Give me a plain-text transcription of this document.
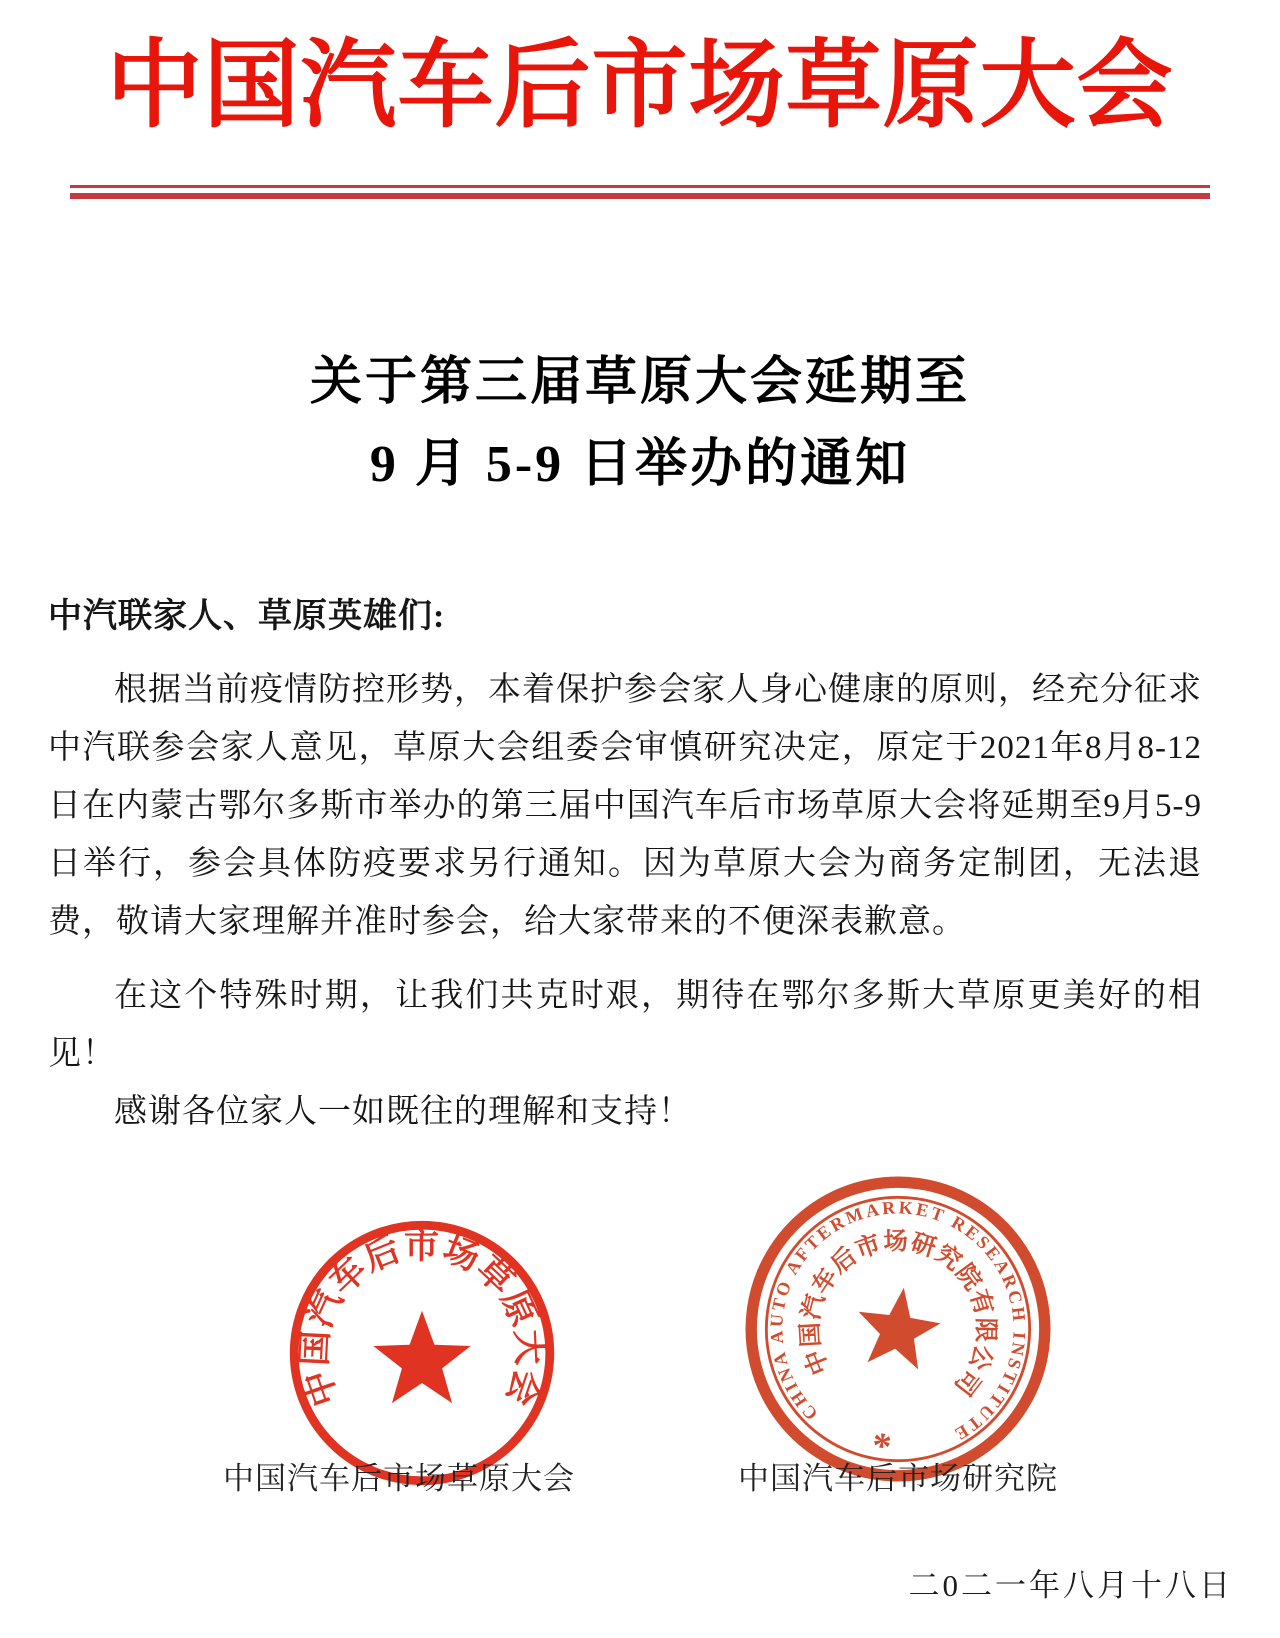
中国汽车后市场草原大会
关于第三届草原大会延期至
9 月 5-9 日举办的通知

中汽联家人、草原英雄们:

根据当前疫情防控形势，本着保护参会家人身心健康的原则，经充分征求中汽联参会家人意见，草原大会组委会审慎研究决定，原定于2021年8月8-12日在内蒙古鄂尔多斯市举办的第三届中国汽车后市场草原大会将延期至9月5-9日举行，参会具体防疫要求另行通知。因为草原大会为商务定制团，无法退费，敬请大家理解并准时参会，给大家带来的不便深表歉意。

在这个特殊时期，让我们共克时艰，期待在鄂尔多斯大草原更美好的相见！

感谢各位家人一如既往的理解和支持！

中国汽车后市场草原大会
CHINA AUTO AFTERMARKET RESEARCH INSTITUTE
中国汽车后市场研究院有限公司
*
中国汽车后市场草原大会	中国汽车后市场研究院
二0二一年八月十八日
